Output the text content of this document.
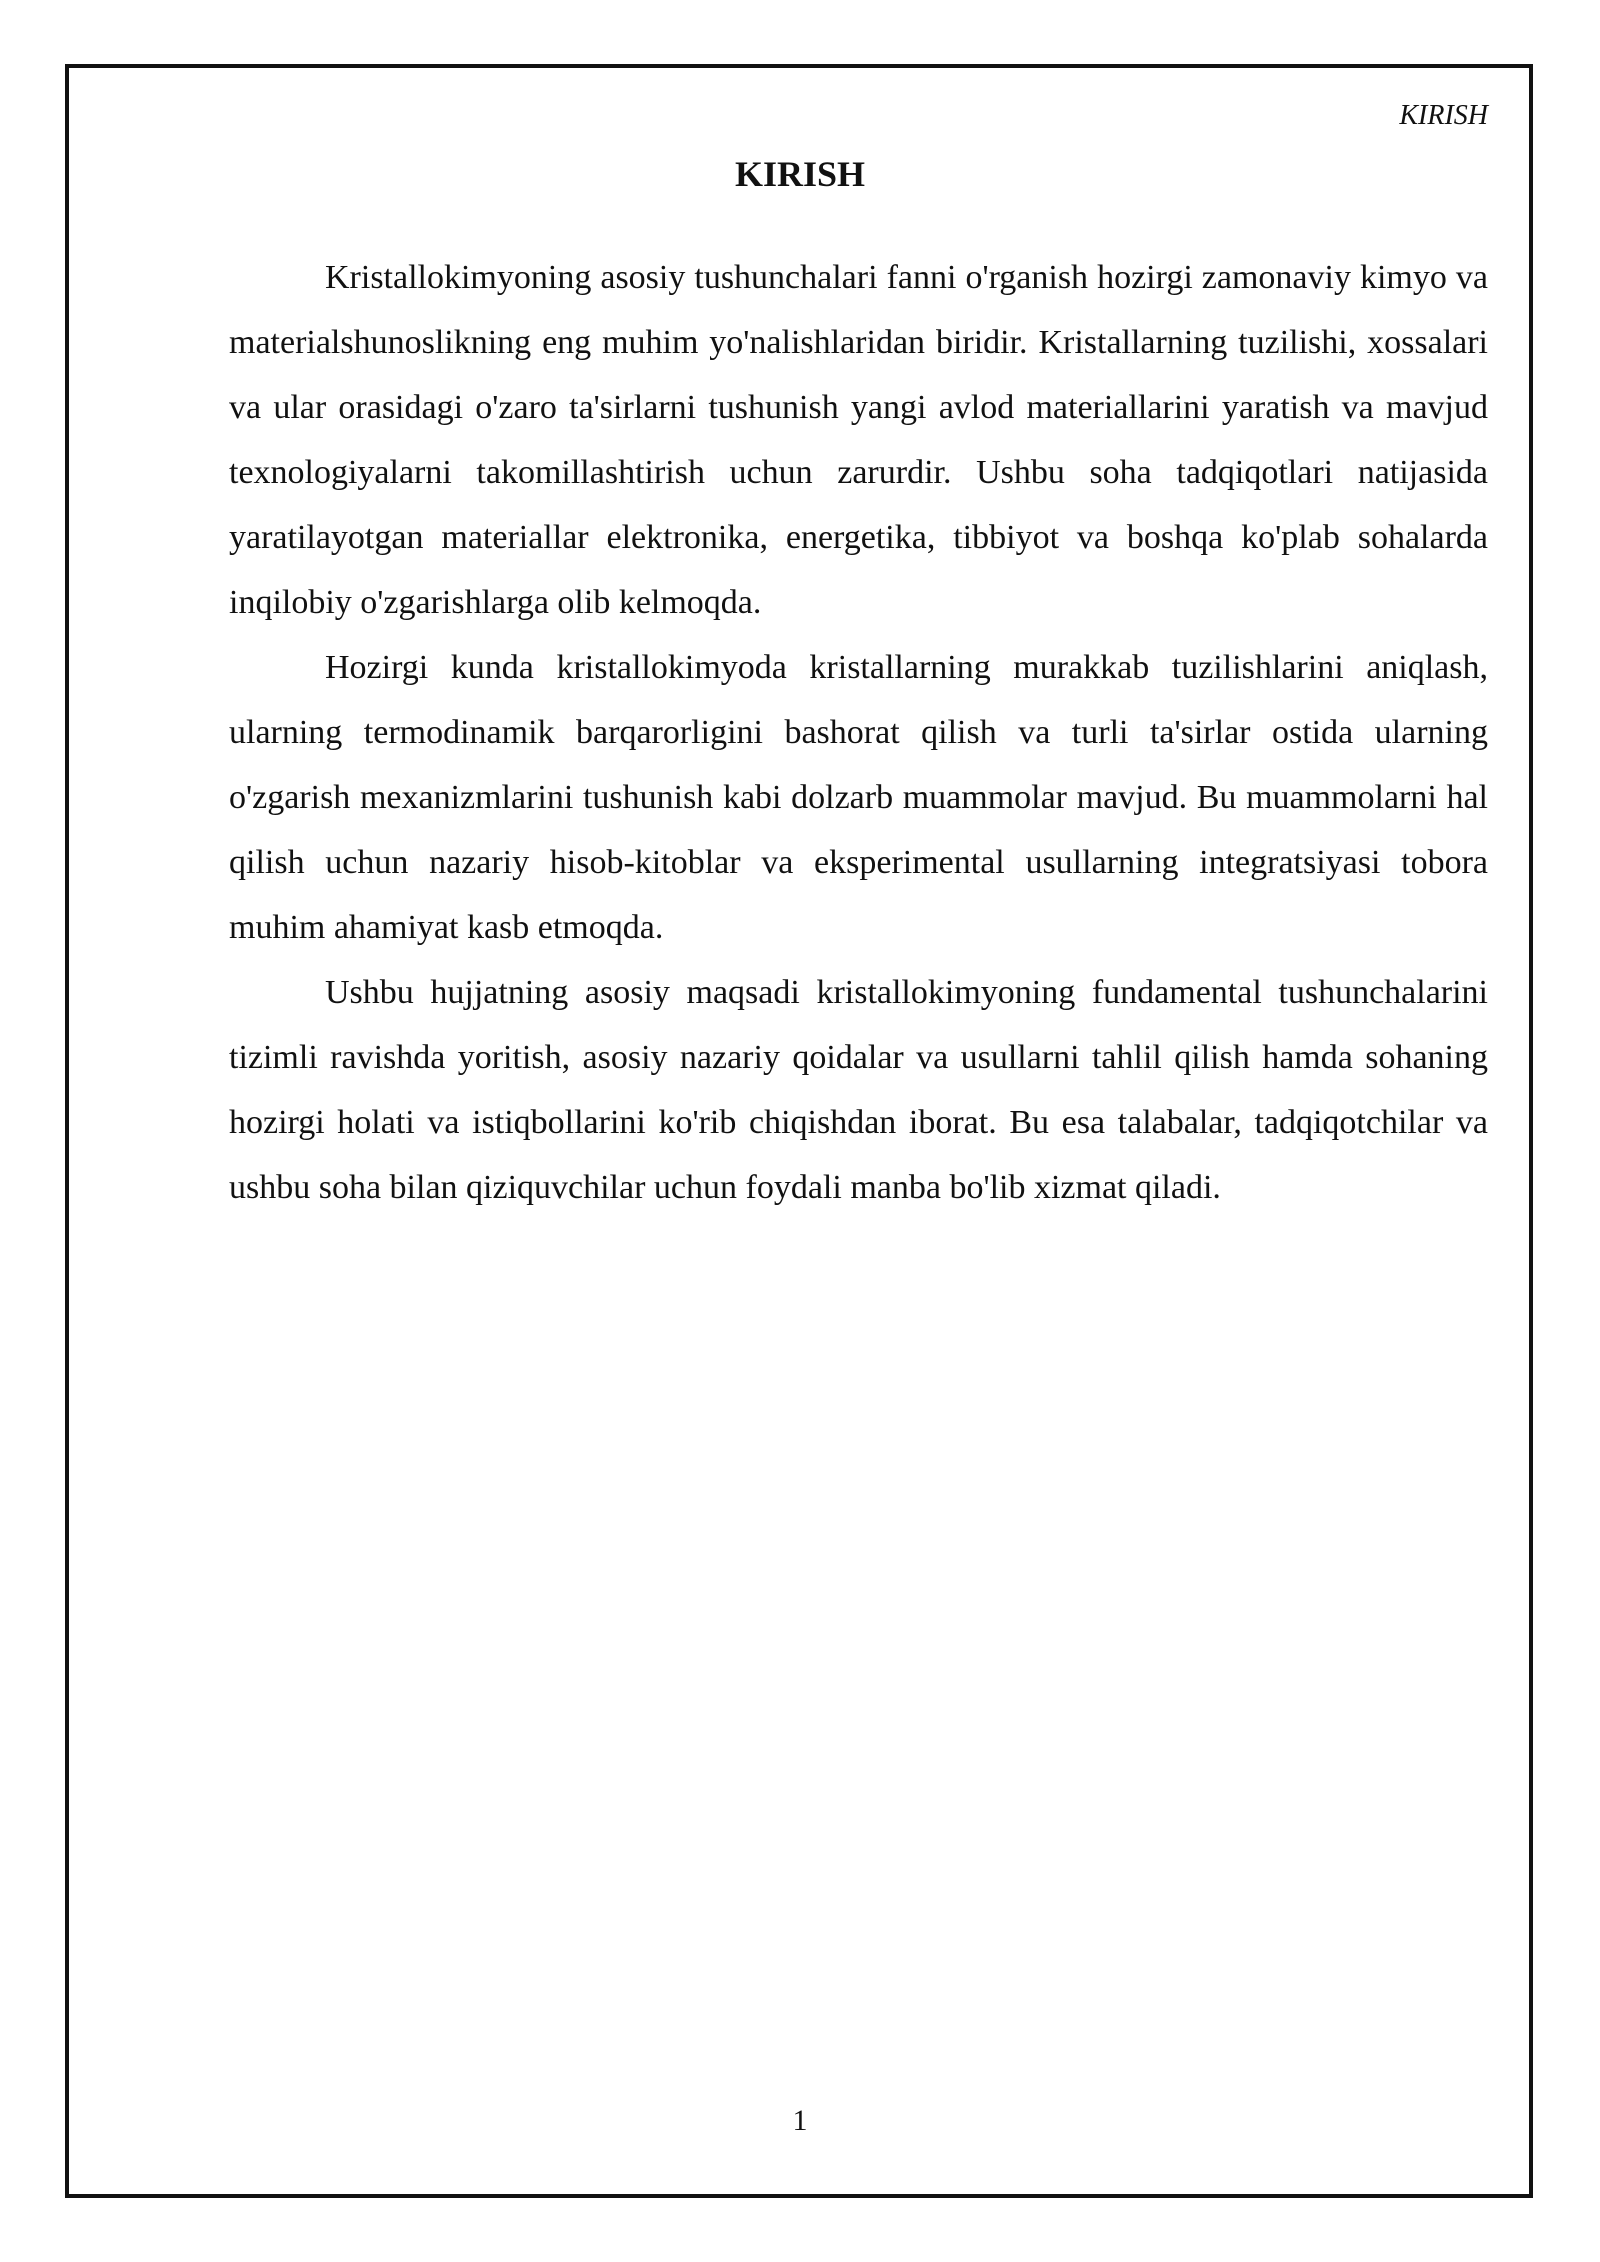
KIRISH
KIRISH

Kristallokimyoning asosiy tushunchalari fanni o'rganish hozirgi zamonaviy kimyo va materialshunoslikning eng muhim yo'nalishlaridan biridir. Kristallarning tuzilishi, xossalari va ular orasidagi o'zaro ta'sirlarni tushunish yangi avlod materiallarini yaratish va mavjud texnologiyalarni takomillashtirish uchun zarurdir. Ushbu soha tadqiqotlari natijasida yaratilayotgan materiallar elektronika, energetika, tibbiyot va boshqa ko'plab sohalarda inqilobiy o'zgarishlarga olib kelmoqda.

Hozirgi kunda kristallokimyoda kristallarning murakkab tuzilishlarini aniqlash, ularning termodinamik barqarorligini bashorat qilish va turli ta'sirlar ostida ularning o'zgarish mexanizmlarini tushunish kabi dolzarb muammolar mavjud. Bu muammolarni hal qilish uchun nazariy hisob-kitoblar va eksperimental usullarning integratsiyasi tobora muhim ahamiyat kasb etmoqda.

Ushbu hujjatning asosiy maqsadi kristallokimyoning fundamental tushunchalarini tizimli ravishda yoritish, asosiy nazariy qoidalar va usullarni tahlil qilish hamda sohaning hozirgi holati va istiqbollarini ko'rib chiqishdan iborat. Bu esa talabalar, tadqiqotchilar va ushbu soha bilan qiziquvchilar uchun foydali manba bo'lib xizmat qiladi.

1
